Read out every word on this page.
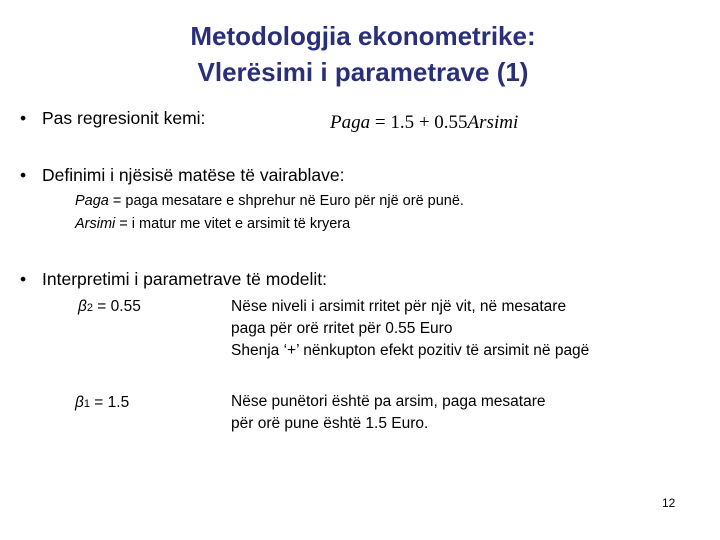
Metodologjia ekonometrike:
Vlerësimi i parametrave (1)
• Pas regresionit kemi:	Paga = 1.5 + 0.55Arsimi
• Definimi i njësisë matëse të vairablave:
Paga = paga mesatare e shprehur në Euro për një orë punë.
Arsimi = i matur me vitet e arsimit të kryera
• Interpretimi i parametrave të modelit:
β2 = 0.55	Nëse niveli i arsimit rritet për një vit, në mesatare
paga për orë rritet për 0.55 Euro
Shenja ‘+’ nënkupton efekt pozitiv të arsimit në pagë
β1 = 1.5	Nëse punëtori është pa arsim, paga mesatare
për orë pune është 1.5 Euro.
12
